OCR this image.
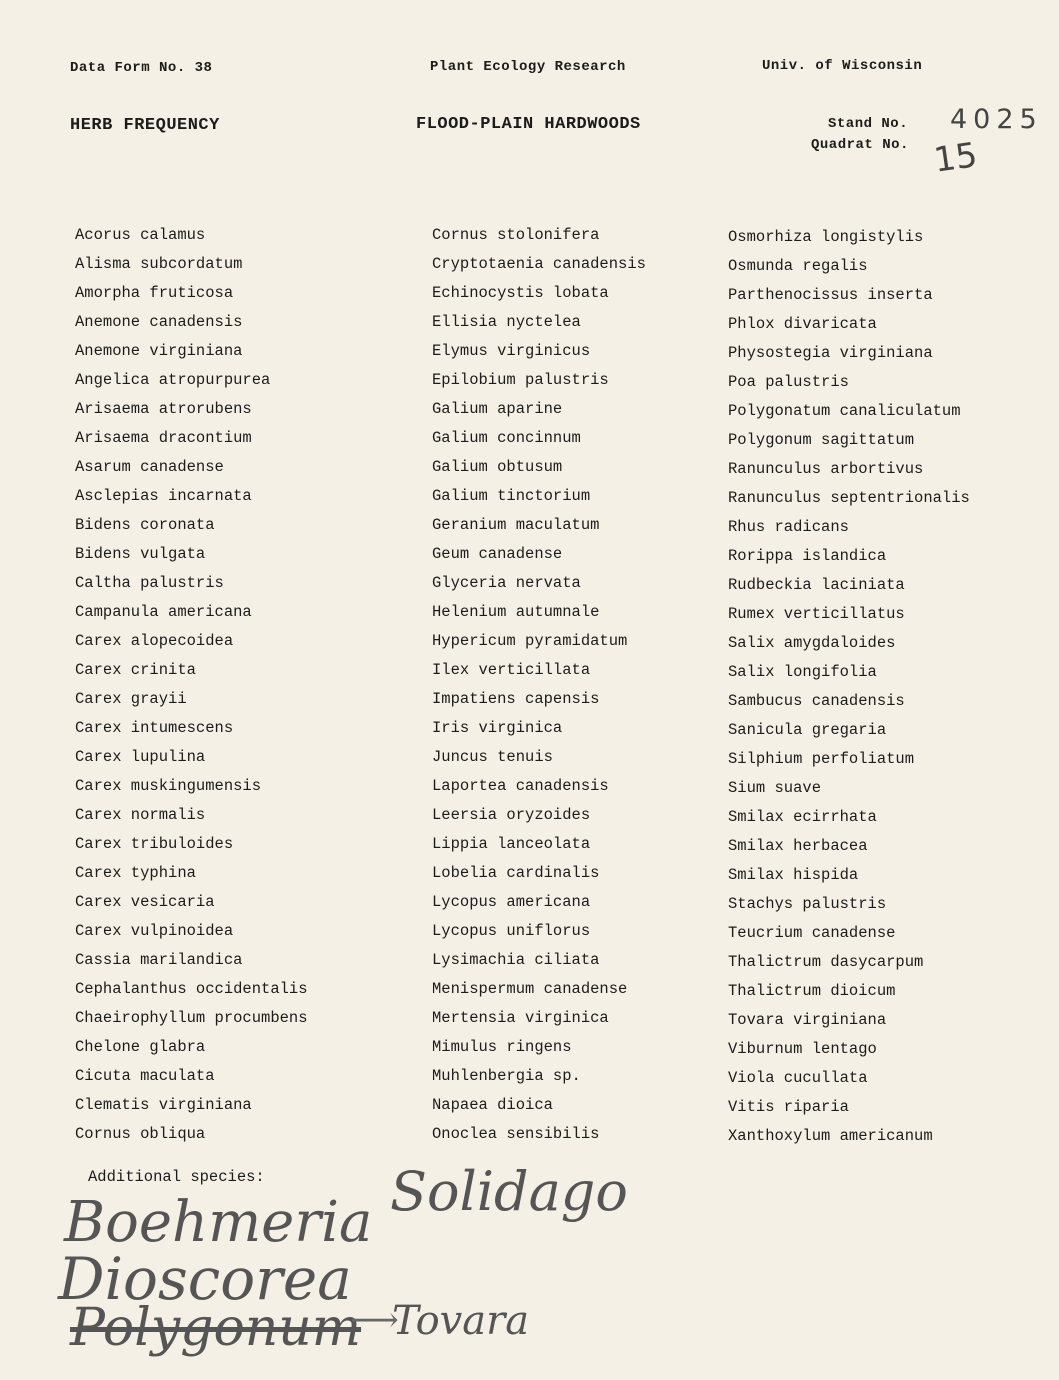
Data Form No. 38	Plant Ecology Research	Univ. of Wisconsin
HERB FREQUENCY	FLOOD-PLAIN HARDWOODS	Stand No.
Quadrat No.
4025
15
Acorus calamus
Alisma subcordatum
Amorpha fruticosa
Anemone canadensis
Anemone virginiana
Angelica atropurpurea
Arisaema atrorubens
Arisaema dracontium
Asarum canadense
Asclepias incarnata
Bidens coronata
Bidens vulgata
Caltha palustris
Campanula americana
Carex alopecoidea
Carex crinita
Carex grayii
Carex intumescens
Carex lupulina
Carex muskingumensis
Carex normalis
Carex tribuloides
Carex typhina
Carex vesicaria
Carex vulpinoidea
Cassia marilandica
Cephalanthus occidentalis
Chaeirophyllum procumbens
Chelone glabra
Cicuta maculata
Clematis virginiana
Cornus obliqua
Cornus stolonifera
Cryptotaenia canadensis
Echinocystis lobata
Ellisia nyctelea
Elymus virginicus
Epilobium palustris
Galium aparine
Galium concinnum
Galium obtusum
Galium tinctorium
Geranium maculatum
Geum canadense
Glyceria nervata
Helenium autumnale
Hypericum pyramidatum
Ilex verticillata
Impatiens capensis
Iris virginica
Juncus tenuis
Laportea canadensis
Leersia oryzoides
Lippia lanceolata
Lobelia cardinalis
Lycopus americana
Lycopus uniflorus
Lysimachia ciliata
Menispermum canadense
Mertensia virginica
Mimulus ringens
Muhlenbergia sp.
Napaea dioica
Onoclea sensibilis
Osmorhiza longistylis
Osmunda regalis
Parthenocissus inserta
Phlox divaricata
Physostegia virginiana
Poa palustris
Polygonatum canaliculatum
Polygonum sagittatum
Ranunculus arbortivus
Ranunculus septentrionalis
Rhus radicans
Rorippa islandica
Rudbeckia laciniata
Rumex verticillatus
Salix amygdaloides
Salix longifolia
Sambucus canadensis
Sanicula gregaria
Silphium perfoliatum
Sium suave
Smilax ecirrhata
Smilax herbacea
Smilax hispida
Stachys palustris
Teucrium canadense
Thalictrum dasycarpum
Thalictrum dioicum
Tovara virginiana
Viburnum lentago
Viola cucullata
Vitis riparia
Xanthoxylum americanum
Additional species: Solidago
Boehmeria
Dioscorea
Polygonum
⟶
Tovara
